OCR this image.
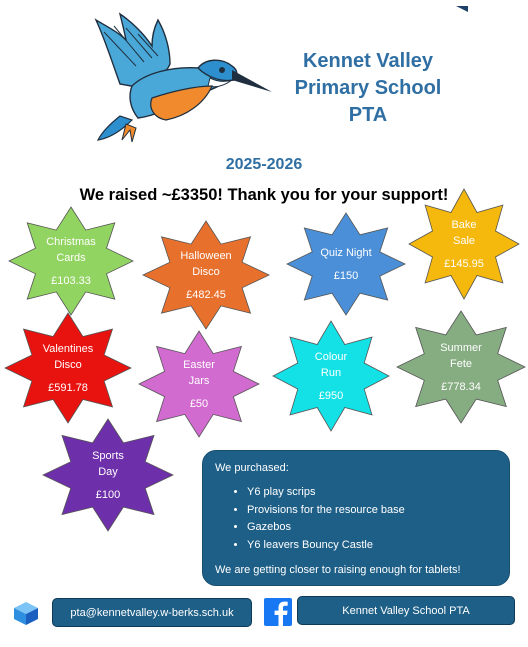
Kennet Valley
Primary School
PTA
2025-2026
We raised ~£3350! Thank you for your support!
Christmas
Cards
£103.33
Halloween
Disco
£482.45
Quiz Night
£150
Bake
Sale
£145.95
Valentines
Disco
£591.78
Easter
Jars
£50
Colour
Run
£950
Summer
Fete
£778.34
Sports
Day
£100
We purchased:
• Y6 play scrips
• Provisions for the resource base
• Gazebos
• Y6 leavers Bouncy Castle
We are getting closer to raising enough for tablets!
pta@kennetvalley.w-berks.sch.uk	Kennet Valley School PTA
